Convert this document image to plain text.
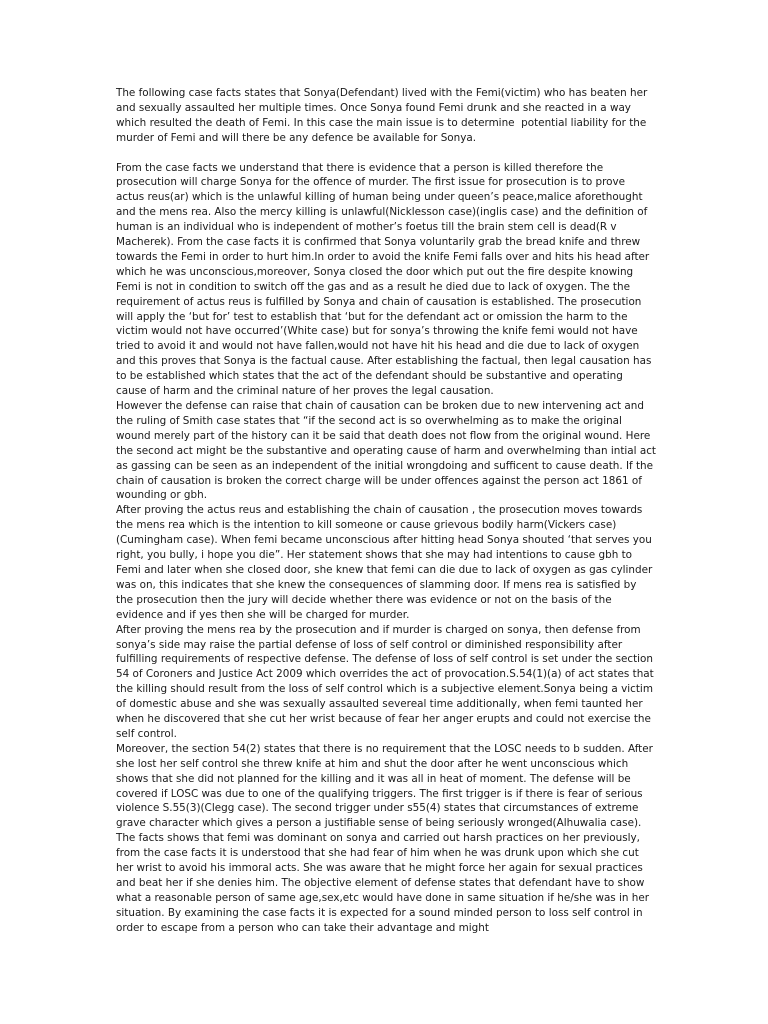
The following case facts states that Sonya(Defendant) lived with the Femi(victim) who has beaten her and sexually assaulted her multiple times. Once Sonya found Femi drunk and she reacted in a way which resulted the death of Femi. In this case the main issue is to determine  potential liability for the murder of Femi and will there be any defence be available for Sonya.

From the case facts we understand that there is evidence that a person is killed therefore the prosecution will charge Sonya for the offence of murder. The first issue for prosecution is to prove actus reus(ar) which is the unlawful killing of human being under queen’s peace,malice aforethought and the mens rea. Also the mercy killing is unlawful(Nicklesson case)(inglis case) and the definition of human is an individual who is independent of mother’s foetus till the brain stem cell is dead(R v Macherek). From the case facts it is confirmed that Sonya voluntarily grab the bread knife and threw towards the Femi in order to hurt him.In order to avoid the knife Femi falls over and hits his head after which he was unconscious,moreover, Sonya closed the door which put out the fire despite knowing Femi is not in condition to switch off the gas and as a result he died due to lack of oxygen. The the requirement of actus reus is fulfilled by Sonya and chain of causation is established. The prosecution will apply the ‘but for’ test to establish that ‘but for the defendant act or omission the harm to the victim would not have occurred’(White case) but for sonya’s throwing the knife femi would not have tried to avoid it and would not have fallen,would not have hit his head and die due to lack of oxygen and this proves that Sonya is the factual cause. After establishing the factual, then legal causation has to be established which states that the act of the defendant should be substantive and operating cause of harm and the criminal nature of her proves the legal causation.

However the defense can raise that chain of causation can be broken due to new intervening act and the ruling of Smith case states that “if the second act is so overwhelming as to make the original wound merely part of the history can it be said that death does not flow from the original wound. Here the second act might be the substantive and operating cause of harm and overwhelming than intial act as gassing can be seen as an independent of the initial wrongdoing and sufficent to cause death. If the chain of causation is broken the correct charge will be under offences against the person act 1861 of wounding or gbh.

After proving the actus reus and establishing the chain of causation , the prosecution moves towards the mens rea which is the intention to kill someone or cause grievous bodily harm(Vickers case)(Cumingham case). When femi became unconscious after hitting head Sonya shouted ‘that serves you right, you bully, i hope you die”. Her statement shows that she may had intentions to cause gbh to Femi and later when she closed door, she knew that femi can die due to lack of oxygen as gas cylinder was on, this indicates that she knew the consequences of slamming door. If mens rea is satisfied by the prosecution then the jury will decide whether there was evidence or not on the basis of the evidence and if yes then she will be charged for murder.

After proving the mens rea by the prosecution and if murder is charged on sonya, then defense from sonya’s side may raise the partial defense of loss of self control or diminished responsibility after fulfilling requirements of respective defense. The defense of loss of self control is set under the section 54 of Coroners and Justice Act 2009 which overrides the act of provocation.S.54(1)(a) of act states that the killing should result from the loss of self control which is a subjective element.Sonya being a victim of domestic abuse and she was sexually assaulted severeal time additionally, when femi taunted her when he discovered that she cut her wrist because of fear her anger erupts and could not exercise the self control.

Moreover, the section 54(2) states that there is no requirement that the LOSC needs to b sudden. After she lost her self control she threw knife at him and shut the door after he went unconscious which shows that she did not planned for the killing and it was all in heat of moment. The defense will be covered if LOSC was due to one of the qualifying triggers. The first trigger is if there is fear of serious violence S.55(3)(Clegg case). The second trigger under s55(4) states that circumstances of extreme grave character which gives a person a justifiable sense of being seriously wronged(Alhuwalia case).  The facts shows that femi was dominant on sonya and carried out harsh practices on her previously, from the case facts it is understood that she had fear of him when he was drunk upon which she cut her wrist to avoid his immoral acts. She was aware that he might force her again for sexual practices and beat her if she denies him. The objective element of defense states that defendant have to show what a reasonable person of same age,sex,etc would have done in same situation if he/she was in her situation. By examining the case facts it is expected for a sound minded person to loss self control in order to escape from a person who can take their advantage and might
